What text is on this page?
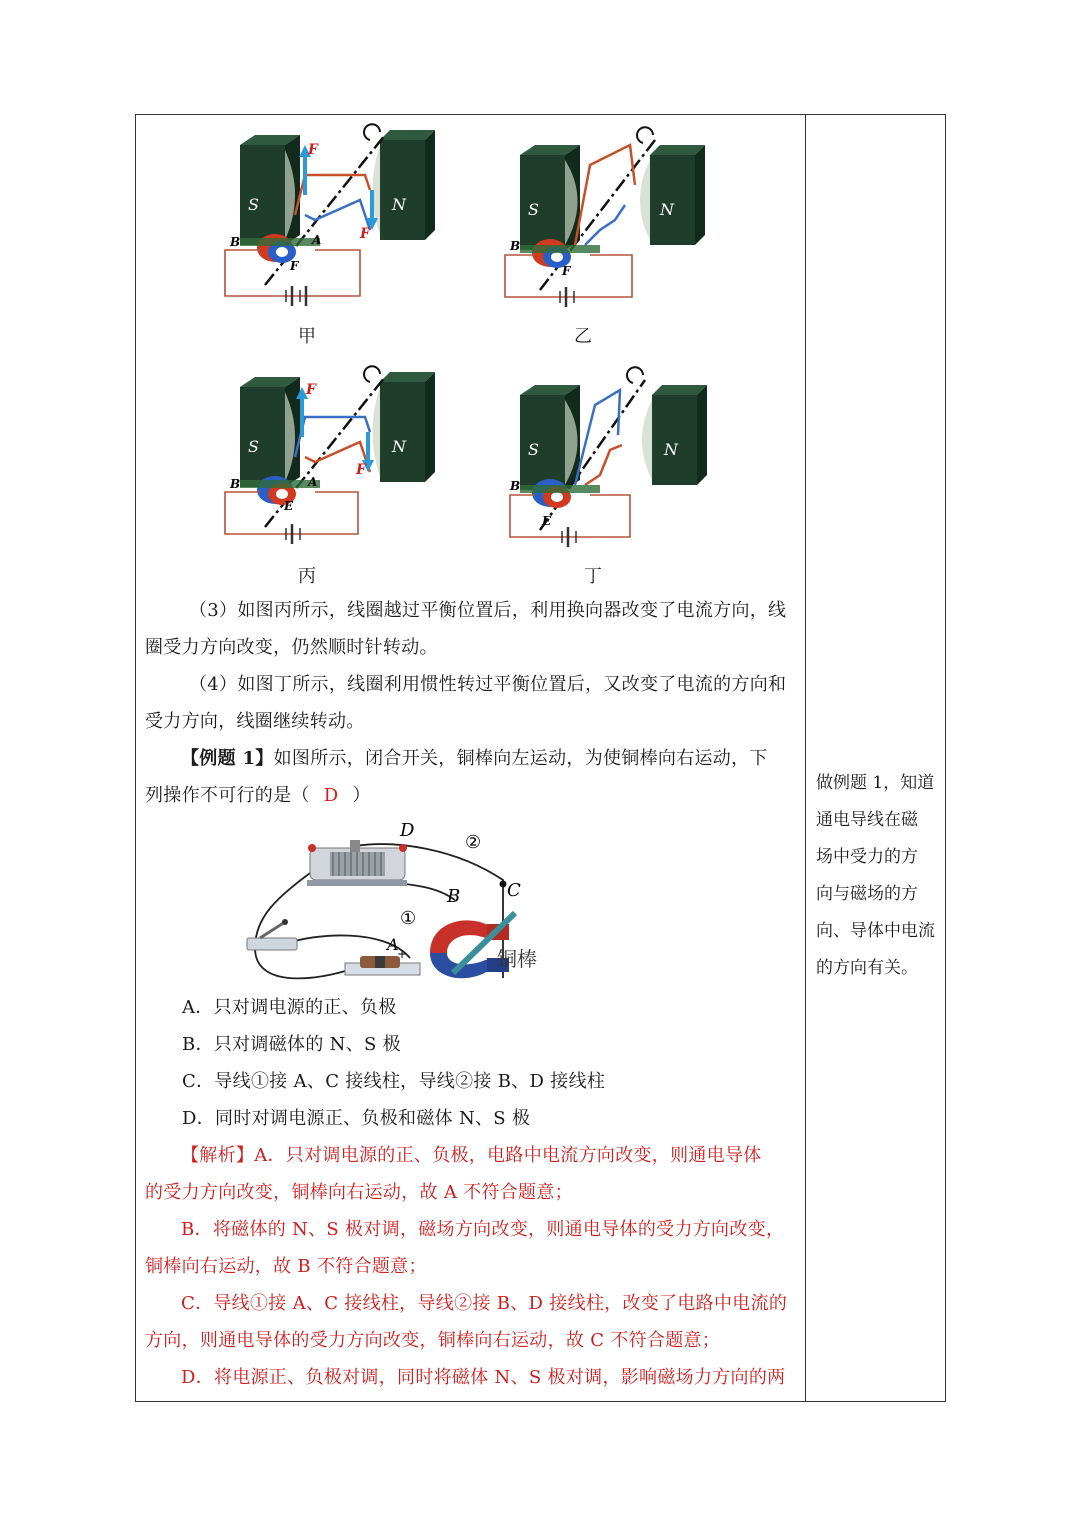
S	N
F
F
B	A
F
甲
S	N
B
F
乙
S	N
F
F
B	A
E
丙
S	N
B
E
丁
（3）如图丙所示，线圈越过平衡位置后，利用换向器改变了电流方向，线
圈受力方向改变，仍然顺时针转动。
（4）如图丁所示，线圈利用惯性转过平衡位置后，又改变了电流的方向和
受力方向，线圈继续转动。
【例题 1】如图所示，闭合开关，铜棒向左运动，为使铜棒向右运动，下
列操作不可行的是（ D ）
D
②
C
B
①
A
铜棒
+
A．只对调电源的正、负极
B．只对调磁体的 N、S 极
C．导线①接 A、C 接线柱，导线②接 B、D 接线柱
D．同时对调电源正、负极和磁体 N、S 极
【解析】A．只对调电源的正、负极，电路中电流方向改变，则通电导体
的受力方向改变，铜棒向右运动，故 A 不符合题意；
B．将磁体的 N、S 极对调，磁场方向改变，则通电导体的受力方向改变，
铜棒向右运动，故 B 不符合题意；
C．导线①接 A、C 接线柱，导线②接 B、D 接线柱，改变了电路中电流的
方向，则通电导体的受力方向改变，铜棒向右运动，故 C 不符合题意；
D．将电源正、负极对调，同时将磁体 N、S 极对调，影响磁场力方向的两
做例题 1，知道
通电导线在磁
场中受力的方
向与磁场的方
向、导体中电流
的方向有关。
